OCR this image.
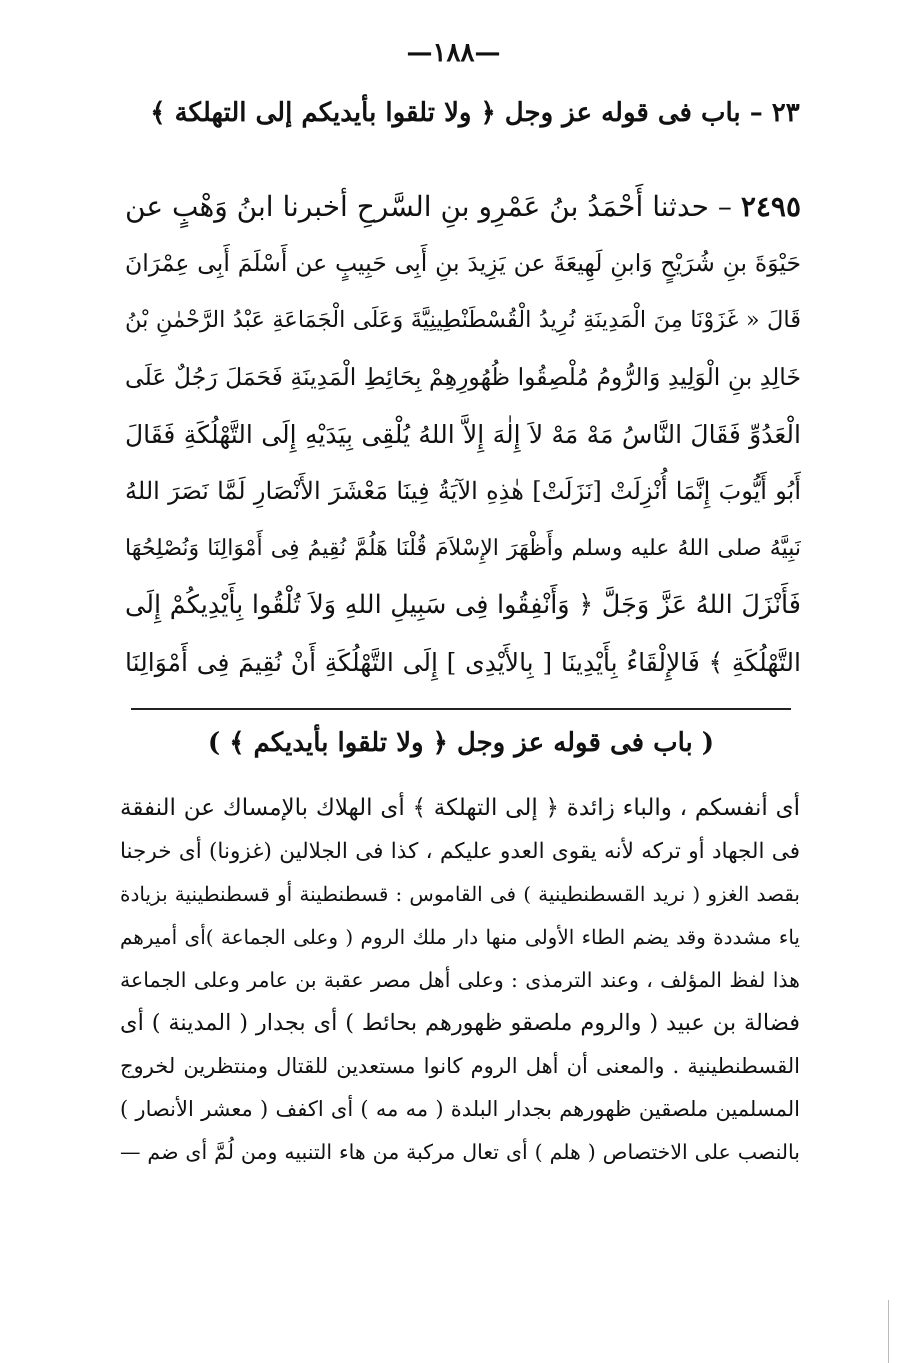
—١٨٨—
٢٣ – باب فى قوله عز وجل ﴿ ولا تلقوا بأيديكم إلى التهلكة ﴾
٢٤٩٥ – حدثنا أَحْمَدُ بنُ عَمْرِو بنِ السَّرحِ أخبرنا ابنُ وَهْبٍ عن
حَيْوَةَ بنِ شُرَيْحٍ وَابنِ لَهِيعَةَ عن يَزِيدَ بنِ أَبِى حَبِيبٍ عن أَسْلَمَ أَبِى عِمْرَانَ
قَالَ « غَزَوْنَا مِنَ الْمَدِينَةِ نُرِيدُ الْقُسْطَنْطِينِيَّةَ وَعَلَى الْجَمَاعَةِ عَبْدُ الرَّحْمٰنِ بْنُ
خَالِدِ بنِ الْوَلِيدِ وَالرُّومُ مُلْصِقُوا ظُهُورِهِمْ بِحَائِطِ الْمَدِينَةِ فَحَمَلَ رَجُلٌ عَلَى
الْعَدُوِّ فَقَالَ النَّاسُ مَهْ مَهْ لاَ إِلٰهَ إِلاَّ اللهُ يُلْقِى بِيَدَيْهِ إِلَى التَّهْلُكَةِ فَقَالَ
أَبُو أَيُّوبَ إِنَّمَا أُنْزِلَتْ [نَزَلَتْ] هٰذِهِ الآيَةُ فِينَا مَعْشَرَ الأَنْصَارِ لَمَّا نَصَرَ اللهُ
نَبِيَّهُ صلى اللهُ عليه وسلم وأَظْهَرَ الإِسْلاَمَ قُلْنَا هَلُمَّ نُقِيمُ فِى أَمْوَالِنَا وَنُصْلِحُهَا
فَأَنْزَلَ اللهُ عَزَّ وَجَلَّ ﴿ وَأَنْفِقُوا فِى سَبِيلِ اللهِ وَلاَ تُلْقُوا بِأَيْدِيكُمْ إِلَى
التَّهْلُكَةِ ﴾ فَالإِلْقَاءُ بِأَيْدِينَا [ بِالأَيْدِى ] إِلَى التَّهْلُكَةِ أَنْ نُقِيمَ فِى أَمْوَالِنَا
( باب فى قوله عز وجل ﴿ ولا تلقوا بأيديكم ﴾ )
أى أنفسكم ، والباء زائدة ﴿ إلى التهلكة ﴾ أى الهلاك بالإمساك عن النفقة
فى الجهاد أو تركه لأنه يقوى العدو عليكم ، كذا فى الجلالين (غزونا) أى خرجنا
بقصد الغزو ( نريد القسطنطينية ) فى القاموس : قسطنطينة أو قسطنطينية بزيادة
ياء مشددة وقد يضم الطاء الأولى منها دار ملك الروم ( وعلى الجماعة )أى أميرهم
هذا لفظ المؤلف ، وعند الترمذى : وعلى أهل مصر عقبة بن عامر وعلى الجماعة
فضالة بن عبيد ( والروم ملصقو ظهورهم بحائط ) أى بجدار ( المدينة ) أى
القسطنطينية . والمعنى أن أهل الروم كانوا مستعدين للقتال ومنتظرين لخروج
المسلمين ملصقين ظهورهم بجدار البلدة ( مه مه ) أى اكفف ( معشر الأنصار )
بالنصب على الاختصاص ( هلم ) أى تعال مركبة من هاء التنبيه ومن لُمَّ أى ضم —
